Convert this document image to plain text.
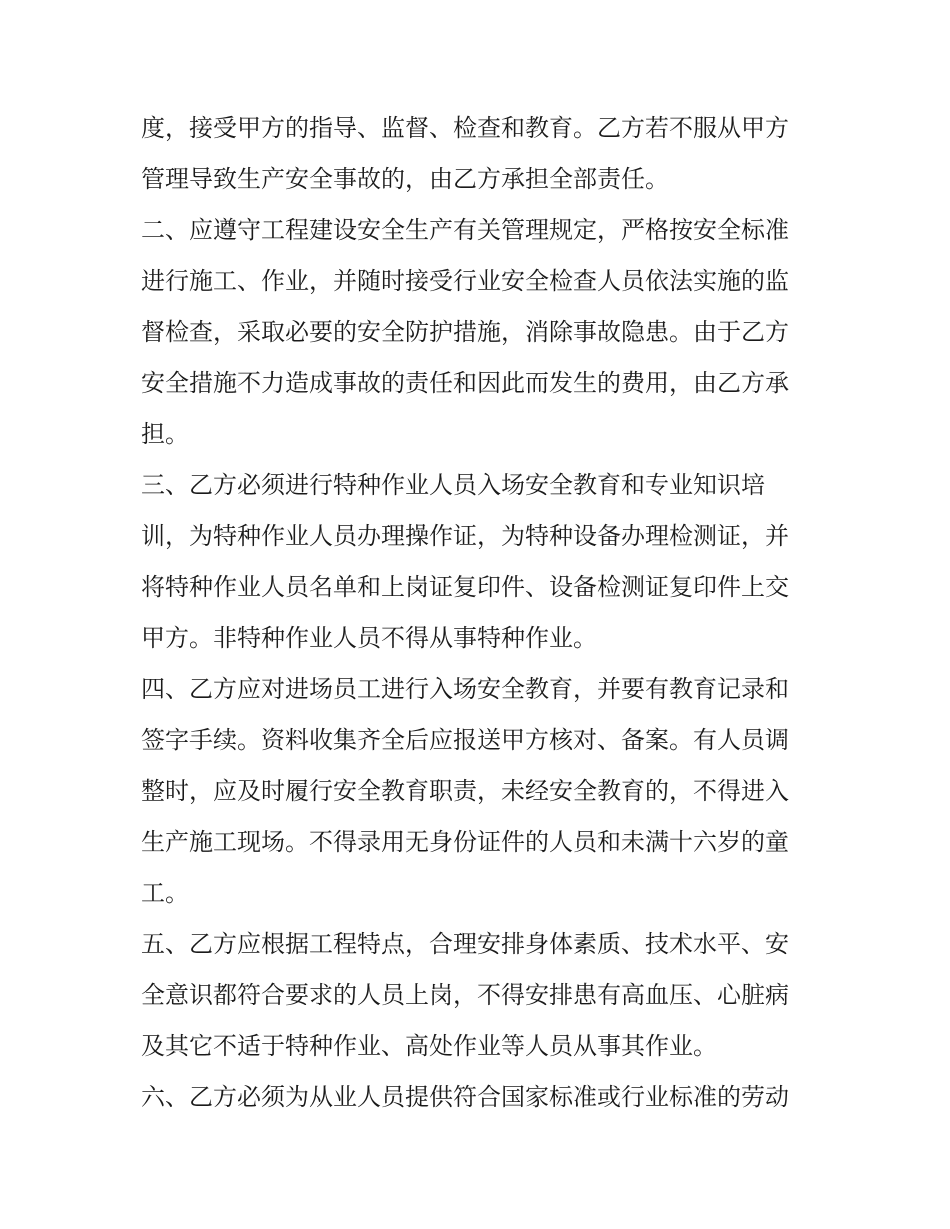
度，接受甲方的指导、监督、检查和教育。乙方若不服从甲方
管理导致生产安全事故的，由乙方承担全部责任。
二、应遵守工程建设安全生产有关管理规定，严格按安全标准
进行施工、作业，并随时接受行业安全检查人员依法实施的监
督检查，采取必要的安全防护措施，消除事故隐患。由于乙方
安全措施不力造成事故的责任和因此而发生的费用，由乙方承
担。
三、乙方必须进行特种作业人员入场安全教育和专业知识培
训，为特种作业人员办理操作证，为特种设备办理检测证，并
将特种作业人员名单和上岗证复印件、设备检测证复印件上交
甲方。非特种作业人员不得从事特种作业。
四、乙方应对进场员工进行入场安全教育，并要有教育记录和
签字手续。资料收集齐全后应报送甲方核对、备案。有人员调
整时，应及时履行安全教育职责，未经安全教育的，不得进入
生产施工现场。不得录用无身份证件的人员和未满十六岁的童
工。
五、乙方应根据工程特点，合理安排身体素质、技术水平、安
全意识都符合要求的人员上岗，不得安排患有高血压、心脏病
及其它不适于特种作业、高处作业等人员从事其作业。
六、乙方必须为从业人员提供符合国家标准或行业标准的劳动
